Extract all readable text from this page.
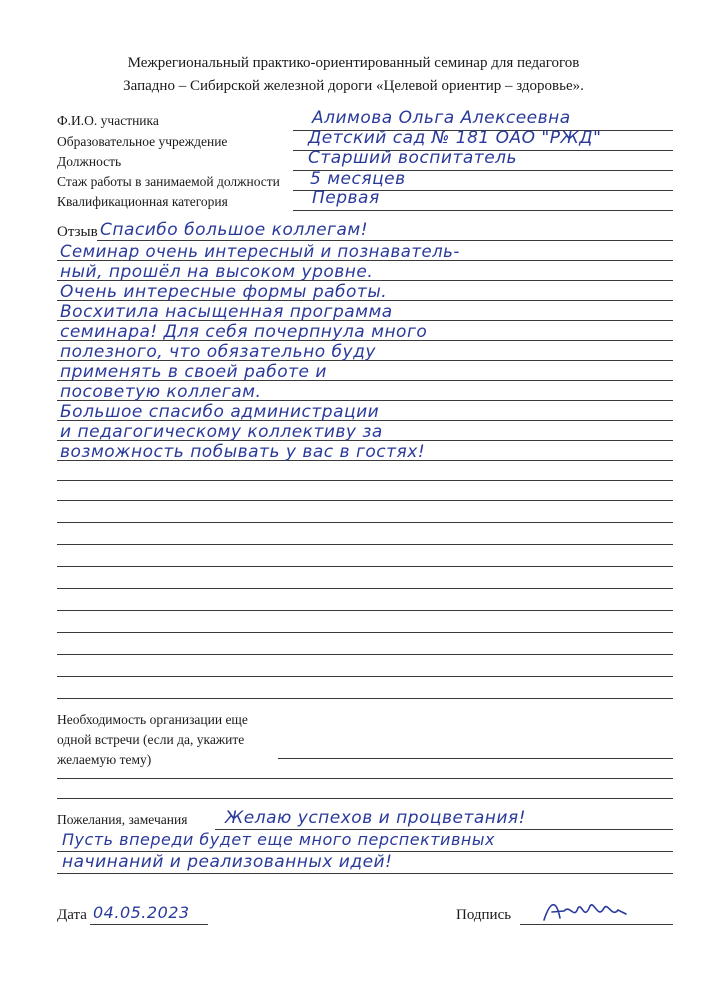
Межрегиональный практико-ориентированный семинар для педагогов
Западно – Сибирской железной дороги «Целевой ориентир – здоровье».
Ф.И.О. участника	Алимова Ольга Алексеевна
Образовательное учреждение	Детский сад № 181 ОАО "РЖД"
Должность	Старший воспитатель
Стаж работы в занимаемой должности 5 месяцев
Квалификационная категория	Первая
Отзыв Спасибо большое коллегам!
Семинар очень интересный и познаватель-
ный, прошёл на высоком уровне.
Очень интересные формы работы.
Восхитила насыщенная программа
семинара! Для себя почерпнула много
полезного, что обязательно буду
применять в своей работе и
посоветую коллегам.
Большое спасибо администрации
и педагогическому коллективу за
возможность побывать у вас в гостях!
Необходимость организации еще одной встречи (если да, укажите желаемую тему)
Пожелания, замечания Желаю успехов и процветания!
Пусть впереди будет еще много перспективных
начинаний и реализованных идей!
Дата 04.05.2023	Подпись
